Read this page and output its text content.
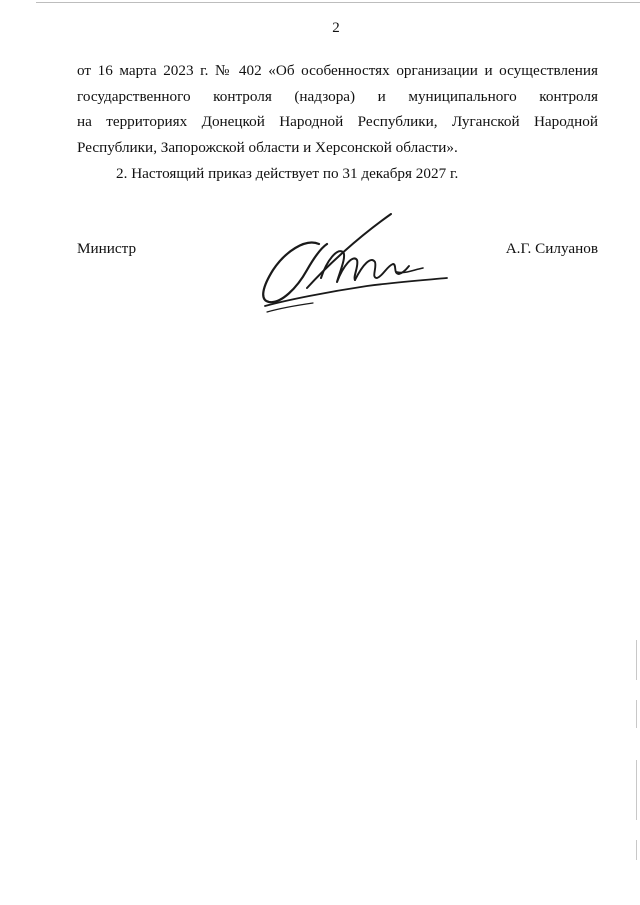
2
от 16 марта 2023 г. № 402 «Об особенностях организации и осуществления
государственного контроля (надзора) и муниципального контроля
на территориях Донецкой Народной Республики, Луганской Народной
Республики, Запорожской области и Херсонской области».
2. Настоящий приказ действует по 31 декабря 2027 г.
Министр	А.Г. Силуанов
